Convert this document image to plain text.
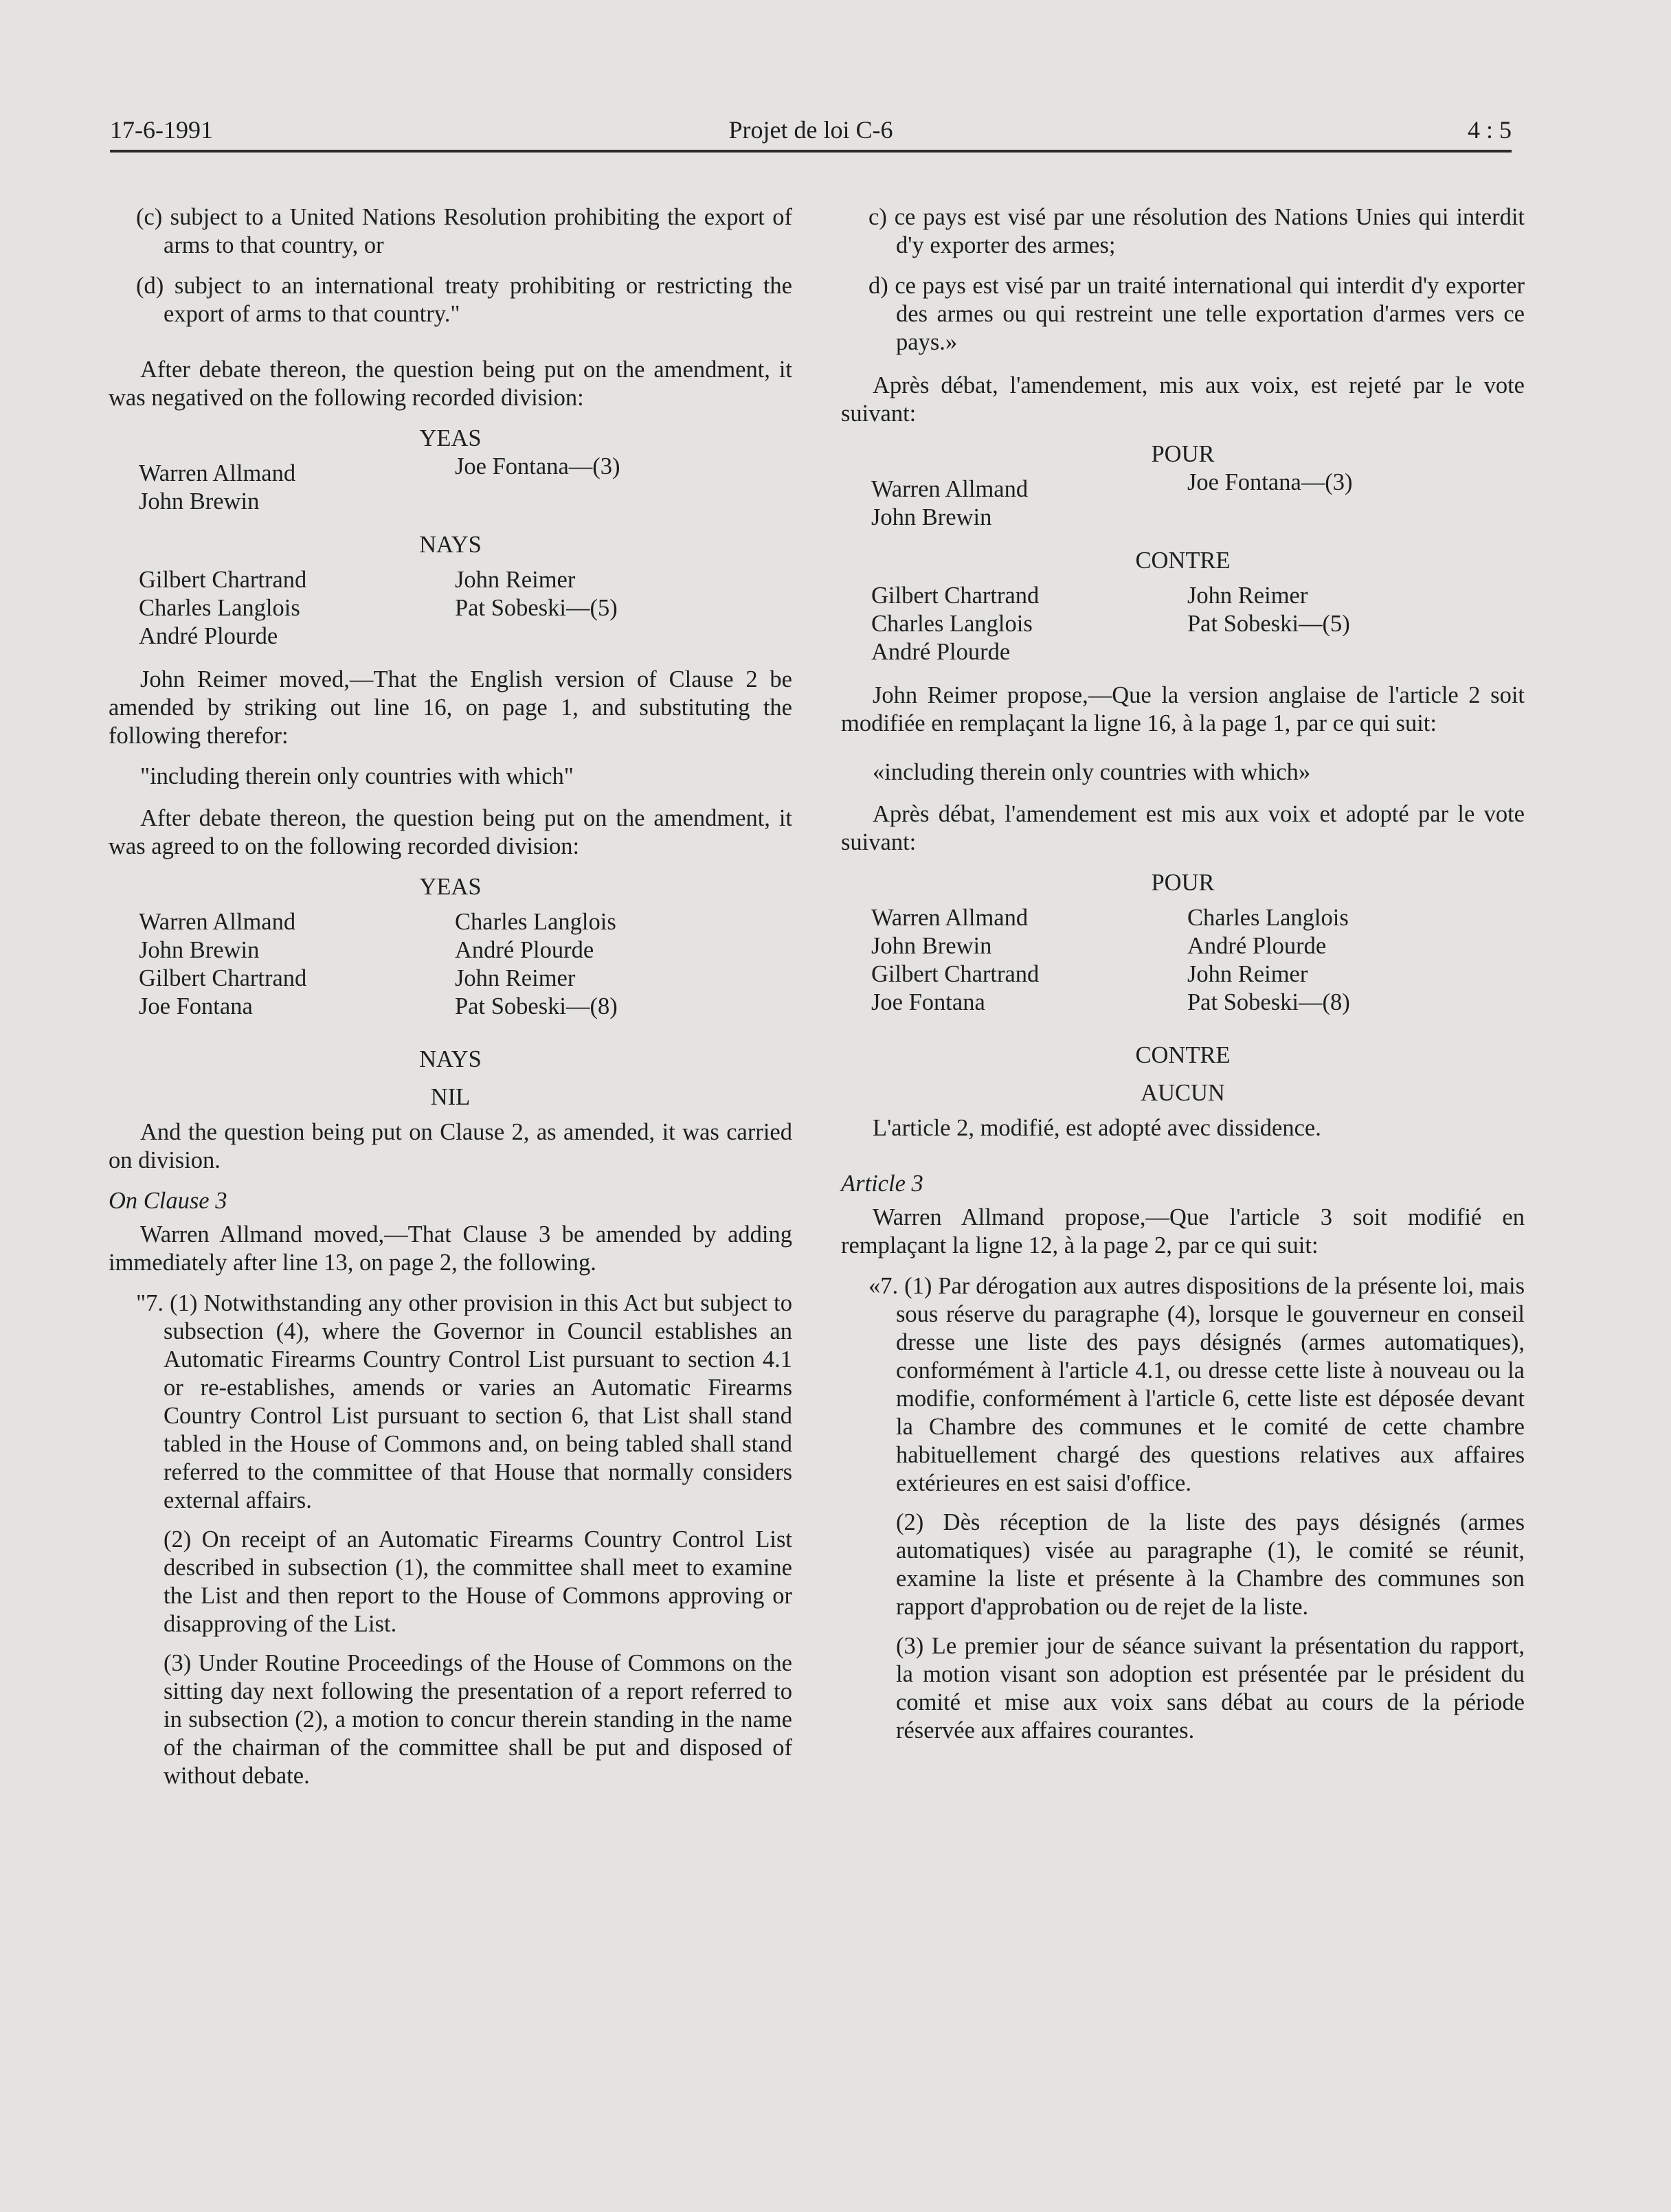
17-6-1991	Projet de loi C-6	4 : 5

(c) subject to a United Nations Resolution prohibiting the export of arms to that country, or

(d) subject to an international treaty prohibiting or restricting the export of arms to that country."

After debate thereon, the question being put on the amendment, it was negatived on the following recorded division:

YEAS
Warren Allmand
John Brewin
Joe Fontana—(3)
NAYS
Gilbert Chartrand
Charles Langlois
André Plourde
John Reimer
Pat Sobeski—(5)

John Reimer moved,—That the English version of Clause 2 be amended by striking out line 16, on page 1, and substituting the following therefor:

"including therein only countries with which"

After debate thereon, the question being put on the amendment, it was agreed to on the following recorded division:

YEAS
Warren Allmand
John Brewin
Gilbert Chartrand
Joe Fontana
Charles Langlois
André Plourde
John Reimer
Pat Sobeski—(8)
NAYS
NIL

And the question being put on Clause 2, as amended, it was carried on division.

On Clause 3

Warren Allmand moved,—That Clause 3 be amended by adding immediately after line 13, on page 2, the following.

"7. (1) Notwithstanding any other provision in this Act but subject to subsection (4), where the Governor in Council establishes an Automatic Firearms Country Control List pursuant to section 4.1 or re-establishes, amends or varies an Automatic Firearms Country Control List pursuant to section 6, that List shall stand tabled in the House of Commons and, on being tabled shall stand referred to the committee of that House that normally considers external affairs.

(2) On receipt of an Automatic Firearms Country Control List described in subsection (1), the committee shall meet to examine the List and then report to the House of Commons approving or disapproving of the List.

(3) Under Routine Proceedings of the House of Commons on the sitting day next following the presentation of a report referred to in subsection (2), a motion to concur therein standing in the name of the chairman of the committee shall be put and disposed of without debate.

c) ce pays est visé par une résolution des Nations Unies qui interdit d'y exporter des armes;

d) ce pays est visé par un traité international qui interdit d'y exporter des armes ou qui restreint une telle exportation d'armes vers ce pays.»

Après débat, l'amendement, mis aux voix, est rejeté par le vote suivant:

POUR
Warren Allmand
John Brewin
Joe Fontana—(3)
CONTRE
Gilbert Chartrand
Charles Langlois
André Plourde
John Reimer
Pat Sobeski—(5)

John Reimer propose,—Que la version anglaise de l'article 2 soit modifiée en remplaçant la ligne 16, à la page 1, par ce qui suit:

«including therein only countries with which»

Après débat, l'amendement est mis aux voix et adopté par le vote suivant:

POUR
Warren Allmand
John Brewin
Gilbert Chartrand
Joe Fontana
Charles Langlois
André Plourde
John Reimer
Pat Sobeski—(8)
CONTRE
AUCUN

L'article 2, modifié, est adopté avec dissidence.

Article 3

Warren Allmand propose,—Que l'article 3 soit modifié en remplaçant la ligne 12, à la page 2, par ce qui suit:

«7. (1) Par dérogation aux autres dispositions de la présente loi, mais sous réserve du paragraphe (4), lorsque le gouverneur en conseil dresse une liste des pays désignés (armes automatiques), conformément à l'article 4.1, ou dresse cette liste à nouveau ou la modifie, conformément à l'article 6, cette liste est déposée devant la Chambre des communes et le comité de cette chambre habituellement chargé des questions relatives aux affaires extérieures en est saisi d'office.

(2) Dès réception de la liste des pays désignés (armes automatiques) visée au paragraphe (1), le comité se réunit, examine la liste et présente à la Chambre des communes son rapport d'approbation ou de rejet de la liste.

(3) Le premier jour de séance suivant la présentation du rapport, la motion visant son adoption est présentée par le président du comité et mise aux voix sans débat au cours de la période réservée aux affaires courantes.
